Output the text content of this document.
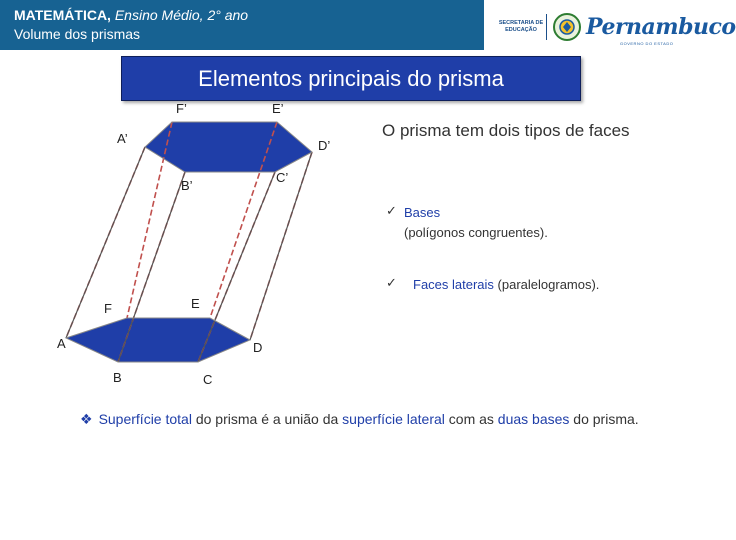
MATEMÁTICA, Ensino Médio, 2° ano
Volume dos prismas
SECRETARIA DE EDUCAÇÃO	Pernambuco
GOVERNO DO ESTADO
Elementos principais do prisma
F’	E’
A’	D’
B’
C’
F	E
A	D
B	C
O prisma tem dois tipos de faces
✓ Bases
(polígonos congruentes).
✓ Faces laterais (paralelogramos).
❖ Superfície total do prisma é a união da superfície lateral com as duas bases do prisma.
